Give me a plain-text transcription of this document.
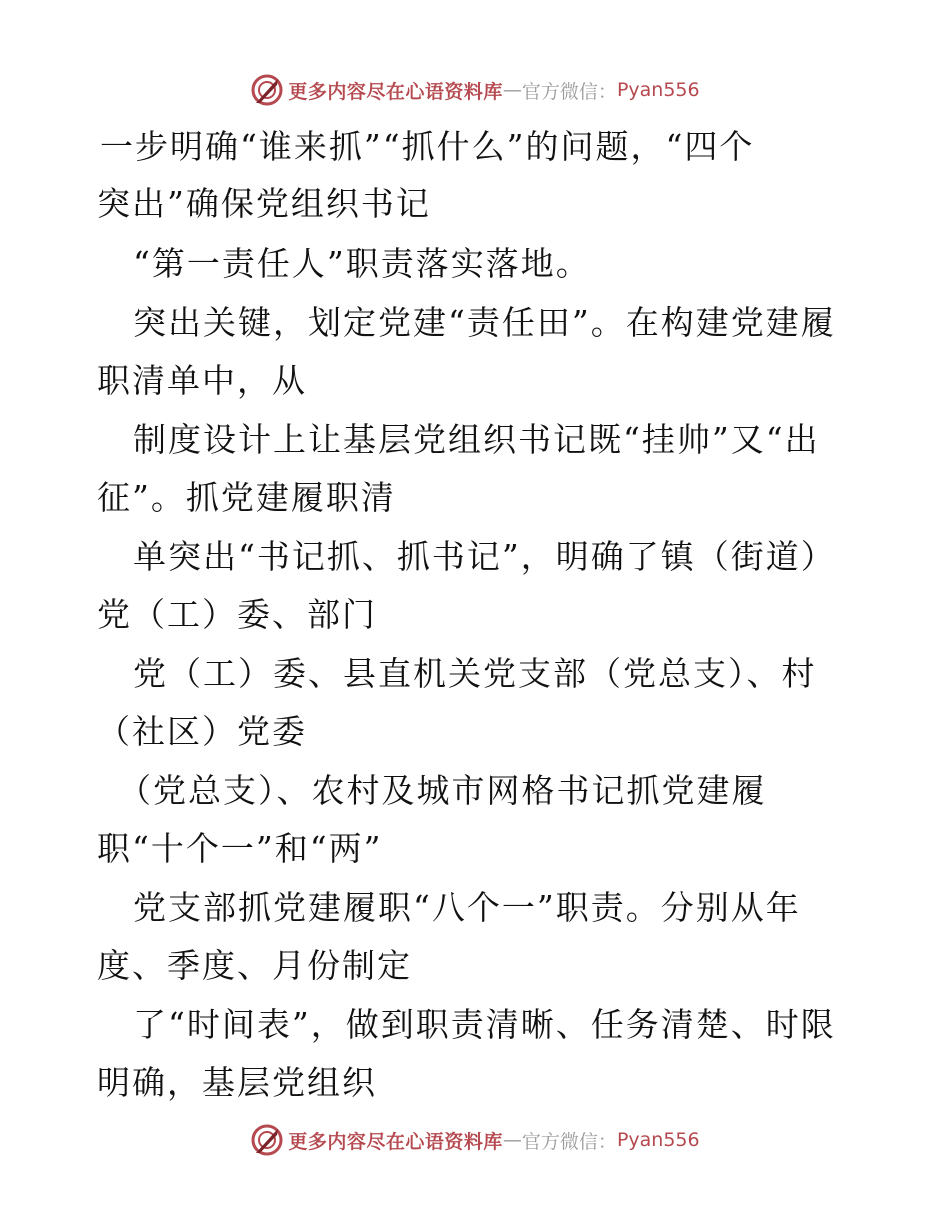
更多内容尽在心语资料库 — 官方微信： Pyan556
一步明确“谁来抓”“抓什么”的问题，“四个
突出”确保党组织书记
“第一责任人”职责落实落地。
突出关键，划定党建“责任田”。在构建党建履
职清单中，从
制度设计上让基层党组织书记既“挂帅”又“出
征”。抓党建履职清
单突出“书记抓、抓书记”，明确了镇（街道）
党（工）委、部门
党（工）委、县直机关党支部（党总支）、村
（社区）党委
（党总支）、农村及城市网格书记抓党建履
职“十个一”和“两”
党支部抓党建履职“八个一”职责。分别从年
度、季度、月份制定
了“时间表”，做到职责清晰、任务清楚、时限
明确，基层党组织
更多内容尽在心语资料库 — 官方微信： Pyan556
